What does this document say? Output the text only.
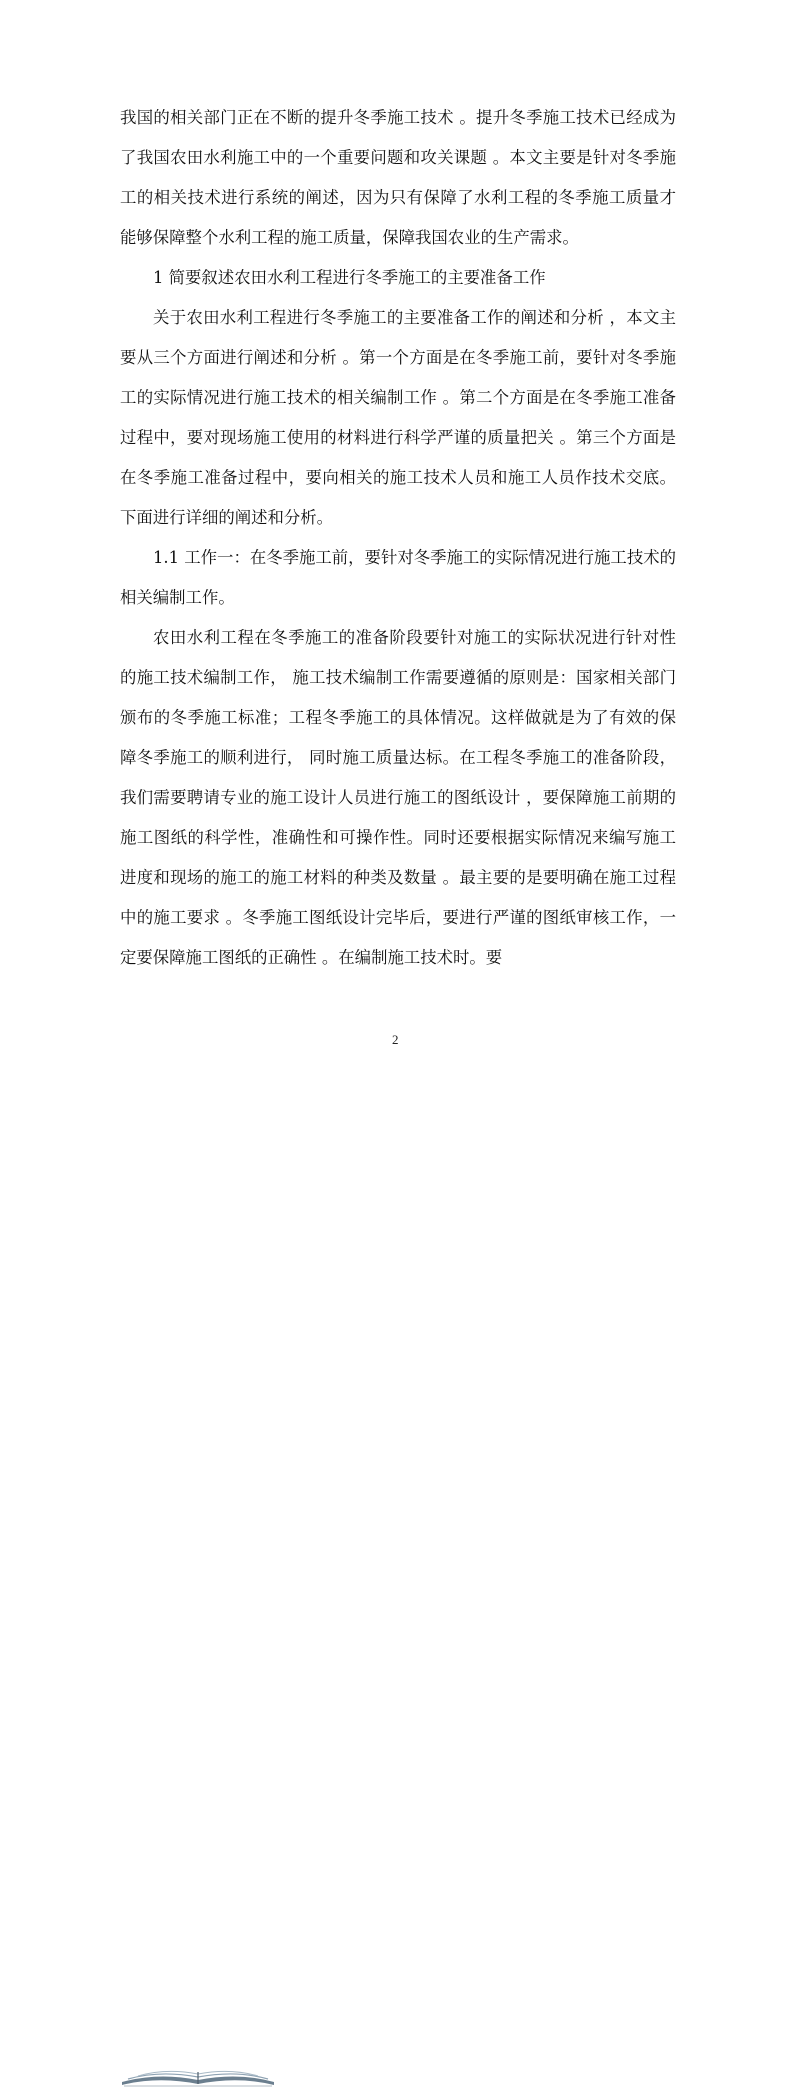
我国的相关部门正在不断的提升冬季施工技术 。提升冬季施工技术已经成为了我国农田水利施工中的一个重要问题和攻关课题 。本文主要是针对冬季施工的相关技术进行系统的阐述，因为只有保障了水利工程的冬季施工质量才能够保障整个水利工程的施工质量，保障我国农业的生产需求。

1 简要叙述农田水利工程进行冬季施工的主要准备工作

关于农田水利工程进行冬季施工的主要准备工作的阐述和分析 ，本文主要从三个方面进行阐述和分析 。第一个方面是在冬季施工前，要针对冬季施工的实际情况进行施工技术的相关编制工作 。第二个方面是在冬季施工准备过程中，要对现场施工使用的材料进行科学严谨的质量把关 。第三个方面是在冬季施工准备过程中，要向相关的施工技术人员和施工人员作技术交底。下面进行详细的阐述和分析。

1.1 工作一：在冬季施工前，要针对冬季施工的实际情况进行施工技术的相关编制工作。

农田水利工程在冬季施工的准备阶段要针对施工的实际状况进行针对性的施工技术编制工作， 施工技术编制工作需要遵循的原则是：国家相关部门颁布的冬季施工标准；工程冬季施工的具体情况。这样做就是为了有效的保障冬季施工的顺利进行， 同时施工质量达标。在工程冬季施工的准备阶段，我们需要聘请专业的施工设计人员进行施工的图纸设计 ，要保障施工前期的施工图纸的科学性，准确性和可操作性。同时还要根据实际情况来编写施工进度和现场的施工的施工材料的种类及数量 。最主要的是要明确在施工过程中的施工要求 。冬季施工图纸设计完毕后，要进行严谨的图纸审核工作，一定要保障施工图纸的正确性 。在编制施工技术时。要

2
